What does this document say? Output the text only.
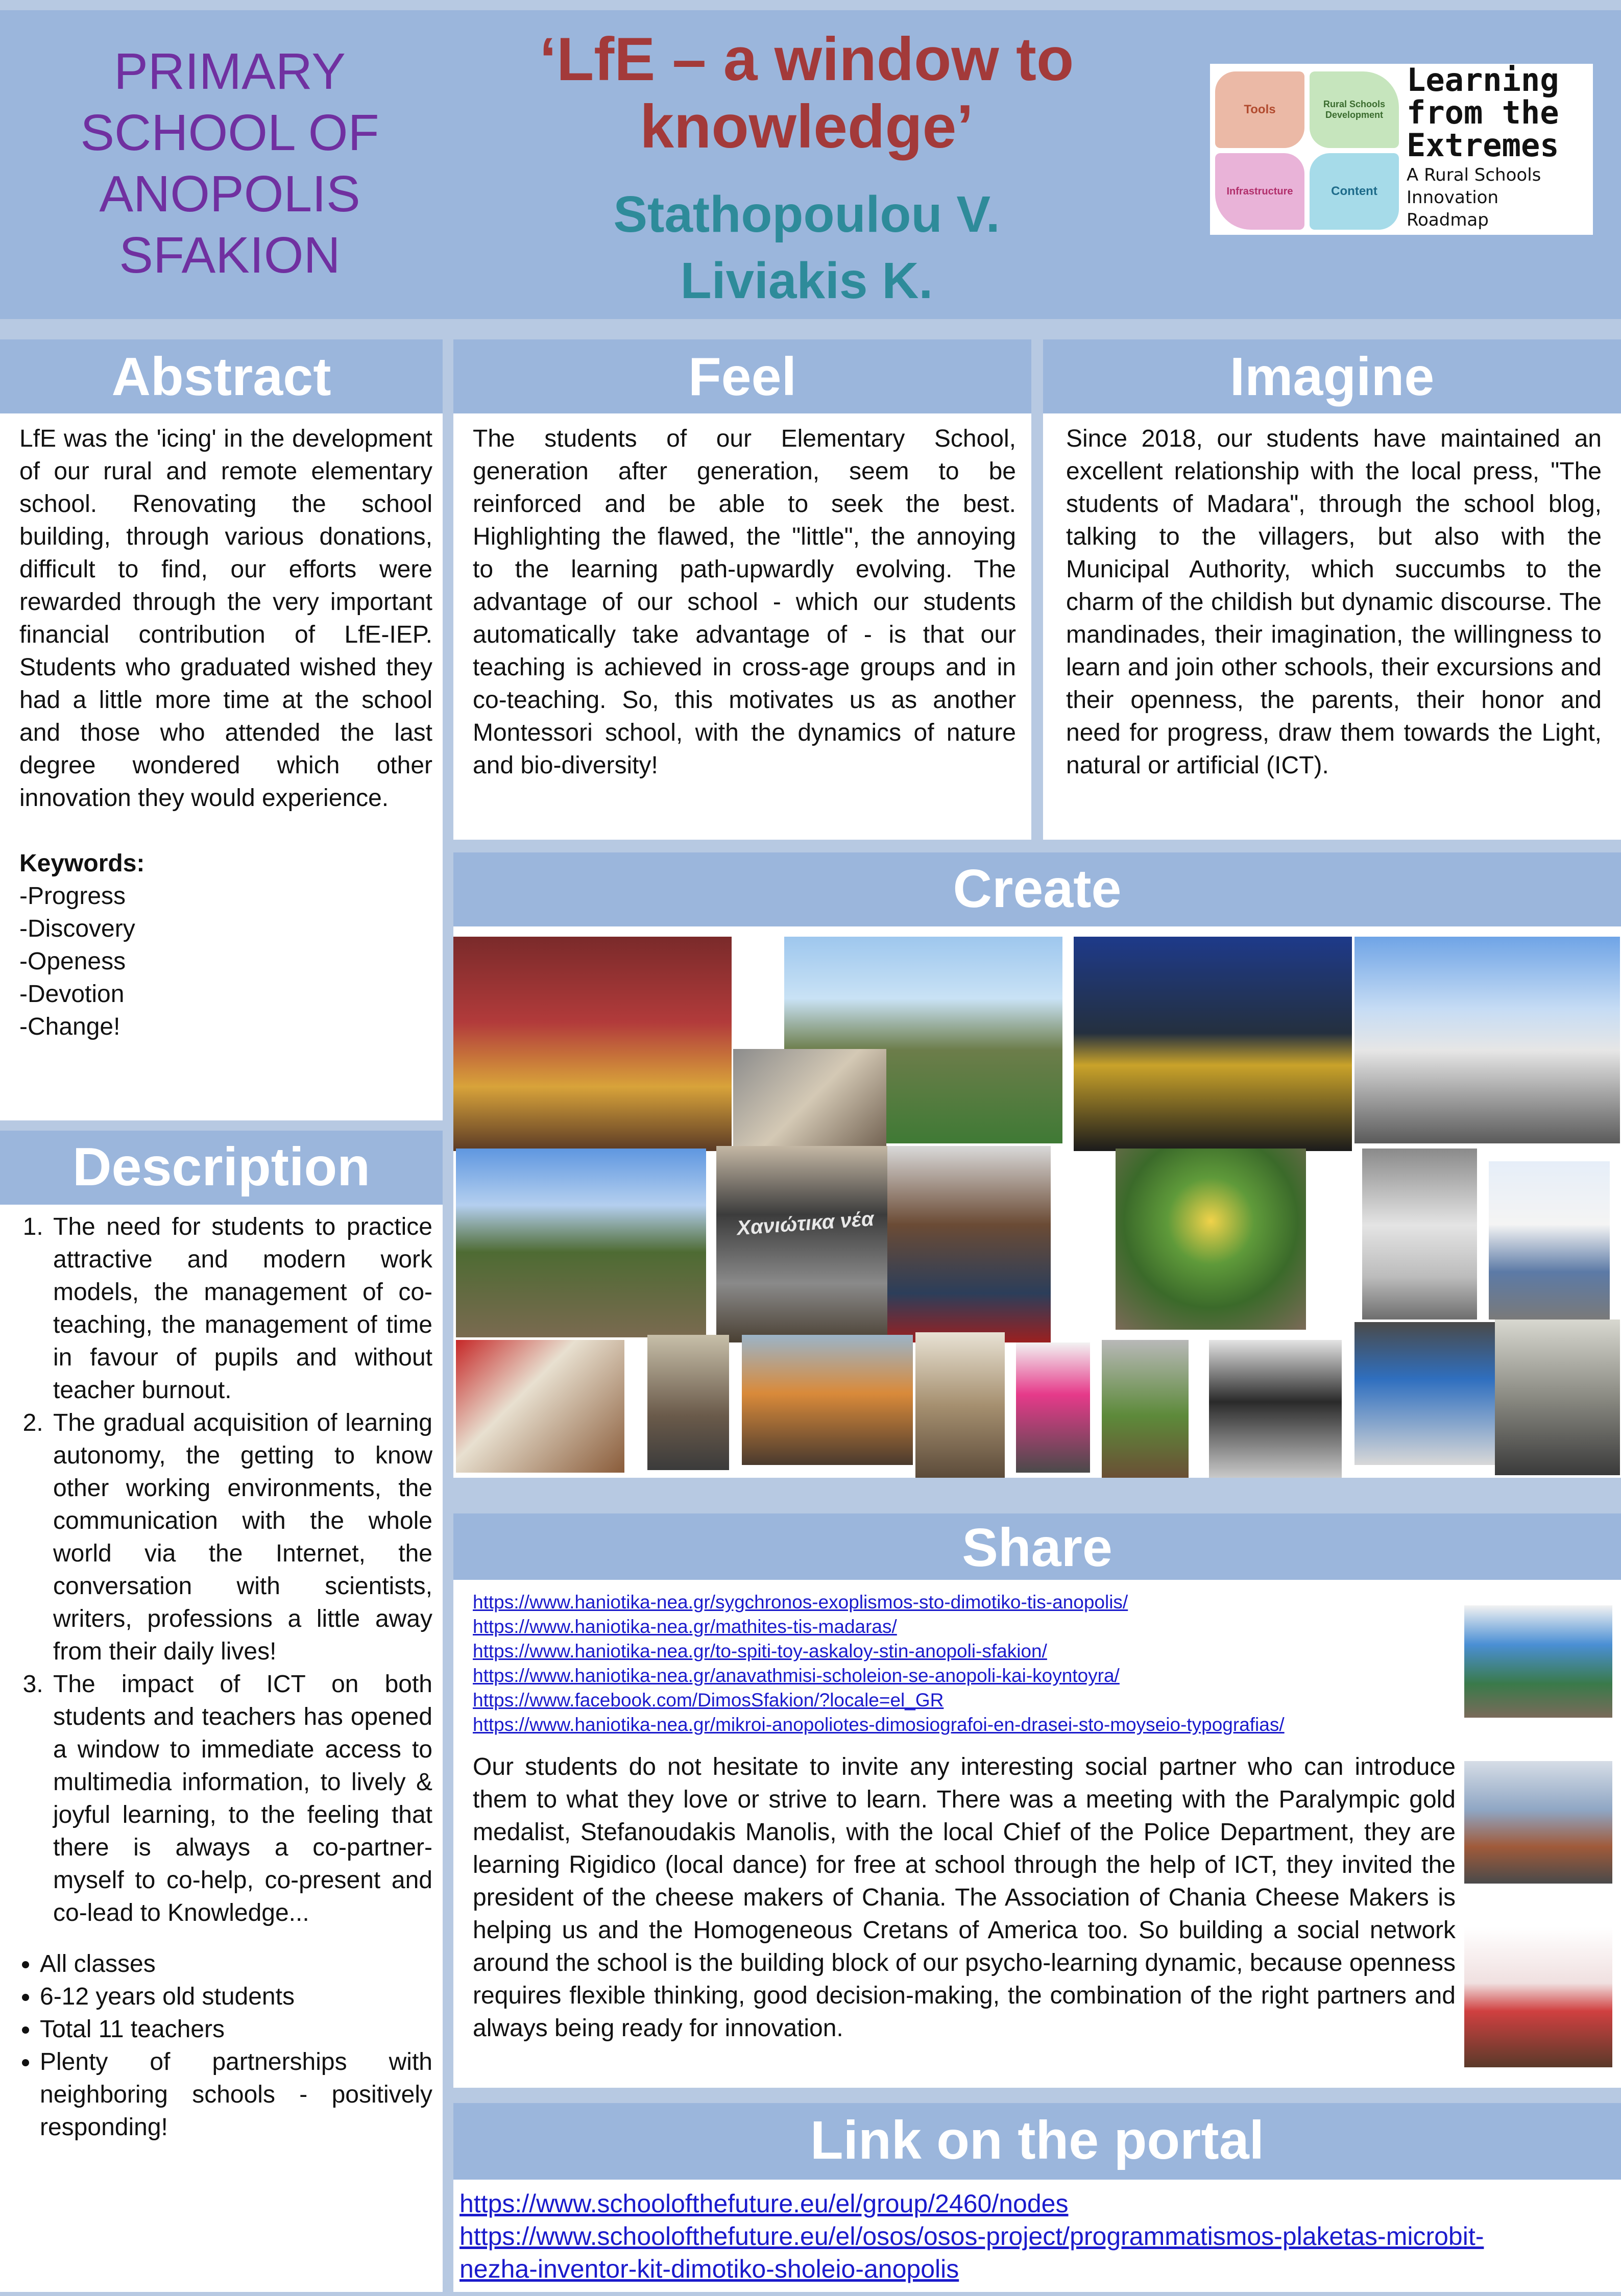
PRIMARY
SCHOOL OF
ANOPOLIS
SFAKION
‘LfE – a window to
knowledge’
Stathopoulou V.
Liviakis K.
Tools	Rural Schools Development
Infrastructure	Content
Learning
from the
Extremes
A Rural Schools
Innovation
Roadmap
Abstract
LfE was the 'icing' in the development of our rural and remote elementary school. Renovating the school building, through various donations, difficult to find, our efforts were rewarded through the very important financial contribution of LfE-IEP. Students who graduated wished they had a little more time at the school and those who attended the last degree wondered which other innovation they would experience.
Keywords:
-Progress
-Discovery
-Openess
-Devotion
-Change!
Description
1. The need for students to practice attractive and modern work models, the management of co-teaching, the management of time in favour of pupils and without teacher burnout.
2. The gradual acquisition of learning autonomy, the getting to know other working environments, the communication with the whole world via the Internet, the conversation with scientists, writers, professions a little away from their daily lives!
3. The impact of ICT on both students and teachers has opened a window to immediate access to multimedia information, to lively & joyful learning, to the feeling that there is always a co-partner-myself to co-help, co-present and co-lead to Knowledge...
• All classes
• 6-12 years old students
• Total 11 teachers
• Plenty of partnerships with neighboring schools - positively responding!
Feel
The students of our Elementary School, generation after generation, seem to be reinforced and be able to seek the best. Highlighting the flawed, the "little", the annoying to the learning path-upwardly evolving. The advantage of our school - which our students automatically take advantage of - is that our teaching is achieved in cross-age groups and in co-teaching. So, this motivates us as another Montessori school, with the dynamics of nature and bio-diversity!
Imagine
Since 2018, our students have maintained an excellent relationship with the local press, "The students of Madara", through the school blog, talking to the villagers, but also with the Municipal Authority, which succumbs to the charm of the childish but dynamic discourse. The mandinades, their imagination, the willingness to learn and join other schools, their excursions and their openness, the parents, their honor and need for progress, draw them towards the Light, natural or artificial (ICT).
Create
Χανιώτικα νέα
Share
https://www.haniotika-nea.gr/sygchronos-exoplismos-sto-dimotiko-tis-anopolis/
https://www.haniotika-nea.gr/mathites-tis-madaras/
https://www.haniotika-nea.gr/to-spiti-toy-askaloy-stin-anopoli-sfakion/
https://www.haniotika-nea.gr/anavathmisi-scholeion-se-anopoli-kai-koyntoyra/
https://www.facebook.com/DimosSfakion/?locale=el_GR
https://www.haniotika-nea.gr/mikroi-anopoliotes-dimosiografoi-en-drasei-sto-moyseio-typografias/
Our students do not hesitate to invite any interesting social partner who can introduce them to what they love or strive to learn. There was a meeting with the Paralympic gold medalist, Stefanoudakis Manolis, with the local Chief of the Police Department, they are learning Rigidico (local dance) for free at school through the help of ICT, they invited the president of the cheese makers of Chania. The Association of Chania Cheese Makers is helping us and the Homogeneous Cretans of America too. So building a social network around the school is the building block of our psycho-learning dynamic, because openness requires flexible thinking, good decision-making, the combination of the right partners and always being ready for innovation.
Link on the portal
https://www.schoolofthefuture.eu/el/group/2460/nodes
https://www.schoolofthefuture.eu/el/osos/osos-project/programmatismos-plaketas-microbit-
nezha-inventor-kit-dimotiko-sholeio-anopolis
